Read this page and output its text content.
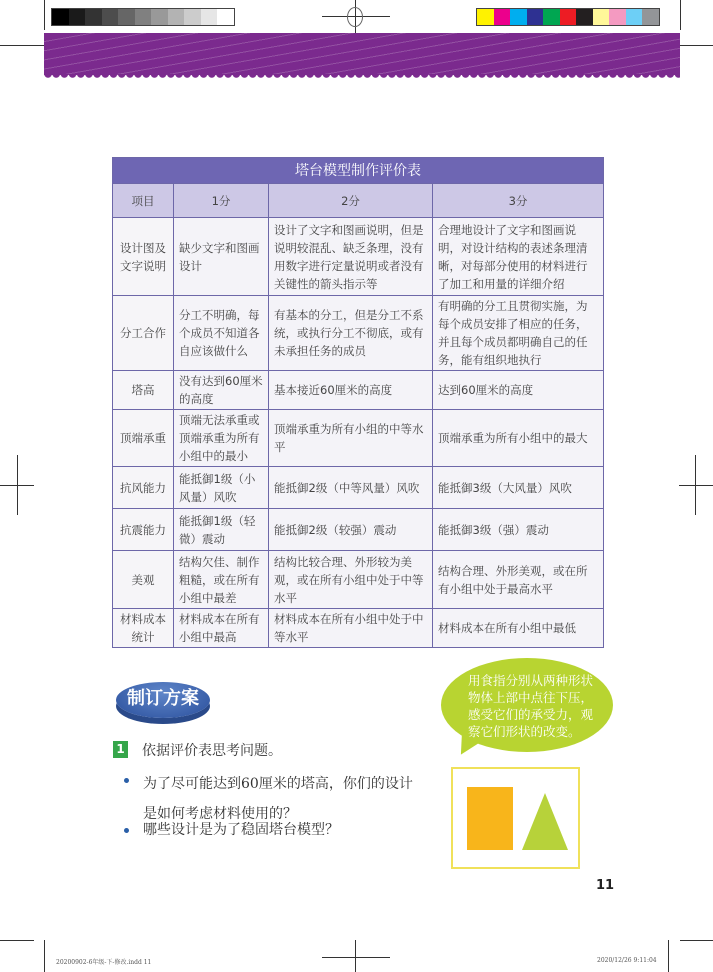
塔台模型制作评价表			
项目	1分	2分	3分
设计图及文字说明	缺少文字和图画设计	设计了文字和图画说明，但是说明较混乱、缺乏条理，没有用数字进行定量说明或者没有关键性的箭头指示等	合理地设计了文字和图画说明，对设计结构的表述条理清晰，对每部分使用的材料进行了加工和用量的详细介绍
分工合作	分工不明确，每个成员不知道各自应该做什么	有基本的分工，但是分工不系统，或执行分工不彻底，或有未承担任务的成员	有明确的分工且贯彻实施，为每个成员安排了相应的任务，并且每个成员都明确自己的任务，能有组织地执行
塔高	没有达到60厘米的高度	基本接近60厘米的高度	达到60厘米的高度
顶端承重	顶端无法承重或顶端承重为所有小组中的最小	顶端承重为所有小组的中等水平	顶端承重为所有小组中的最大
抗风能力	能抵御1级（小风量）风吹	能抵御2级（中等风量）风吹	能抵御3级（大风量）风吹
抗震能力	能抵御1级（轻微）震动	能抵御2级（较强）震动	能抵御3级（强）震动
美观	结构欠佳、制作粗糙，或在所有小组中最差	结构比较合理、外形较为美观，或在所有小组中处于中等水平	结构合理、外形美观，或在所有小组中处于最高水平
材料成本统计	材料成本在所有小组中最高	材料成本在所有小组中处于中等水平	材料成本在所有小组中最低
制订方案
1 依据评价表思考问题。
为了尽可能达到60厘米的塔高，你们的设计是如何考虑材料使用的？
哪些设计是为了稳固塔台模型？
用食指分别从两种形状物体上部中点往下压，感受它们的承受力，观察它们形状的改变。
11
20200902-6年级-下-修改.indd 11	2020/12/26 9:11:04
